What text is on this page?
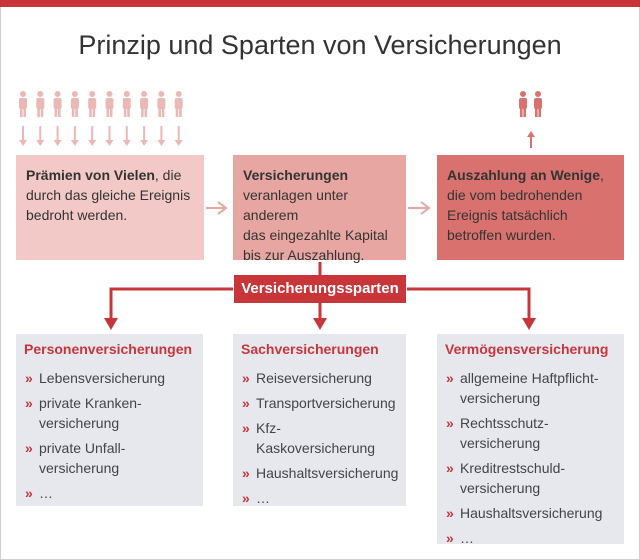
Prinzip und Sparten von Versicherungen
Prämien von Vielen, die
durch das gleiche Ereignis
bedroht werden.
Versicherungen
veranlagen unter anderem
das eingezahlte Kapital
bis zur Auszahlung.
Auszahlung an Wenige,
die vom bedrohenden
Ereignis tatsächlich
betroffen wurden.
Versicherungssparten
Personenversicherungen
» Lebensversicherung
» private Kranken-
versicherung
» private Unfall-
versicherung
» …
Sachversicherungen
» Reiseversicherung
» Transportversicherung
» Kfz-Kaskoversicherung
» Haushaltsversicherung
» …
Vermögensversicherung
» allgemeine Haftpflicht-
versicherung
» Rechtsschutz-
versicherung
» Kreditrestschuld-
versicherung
» Haushaltsversicherung
» …
